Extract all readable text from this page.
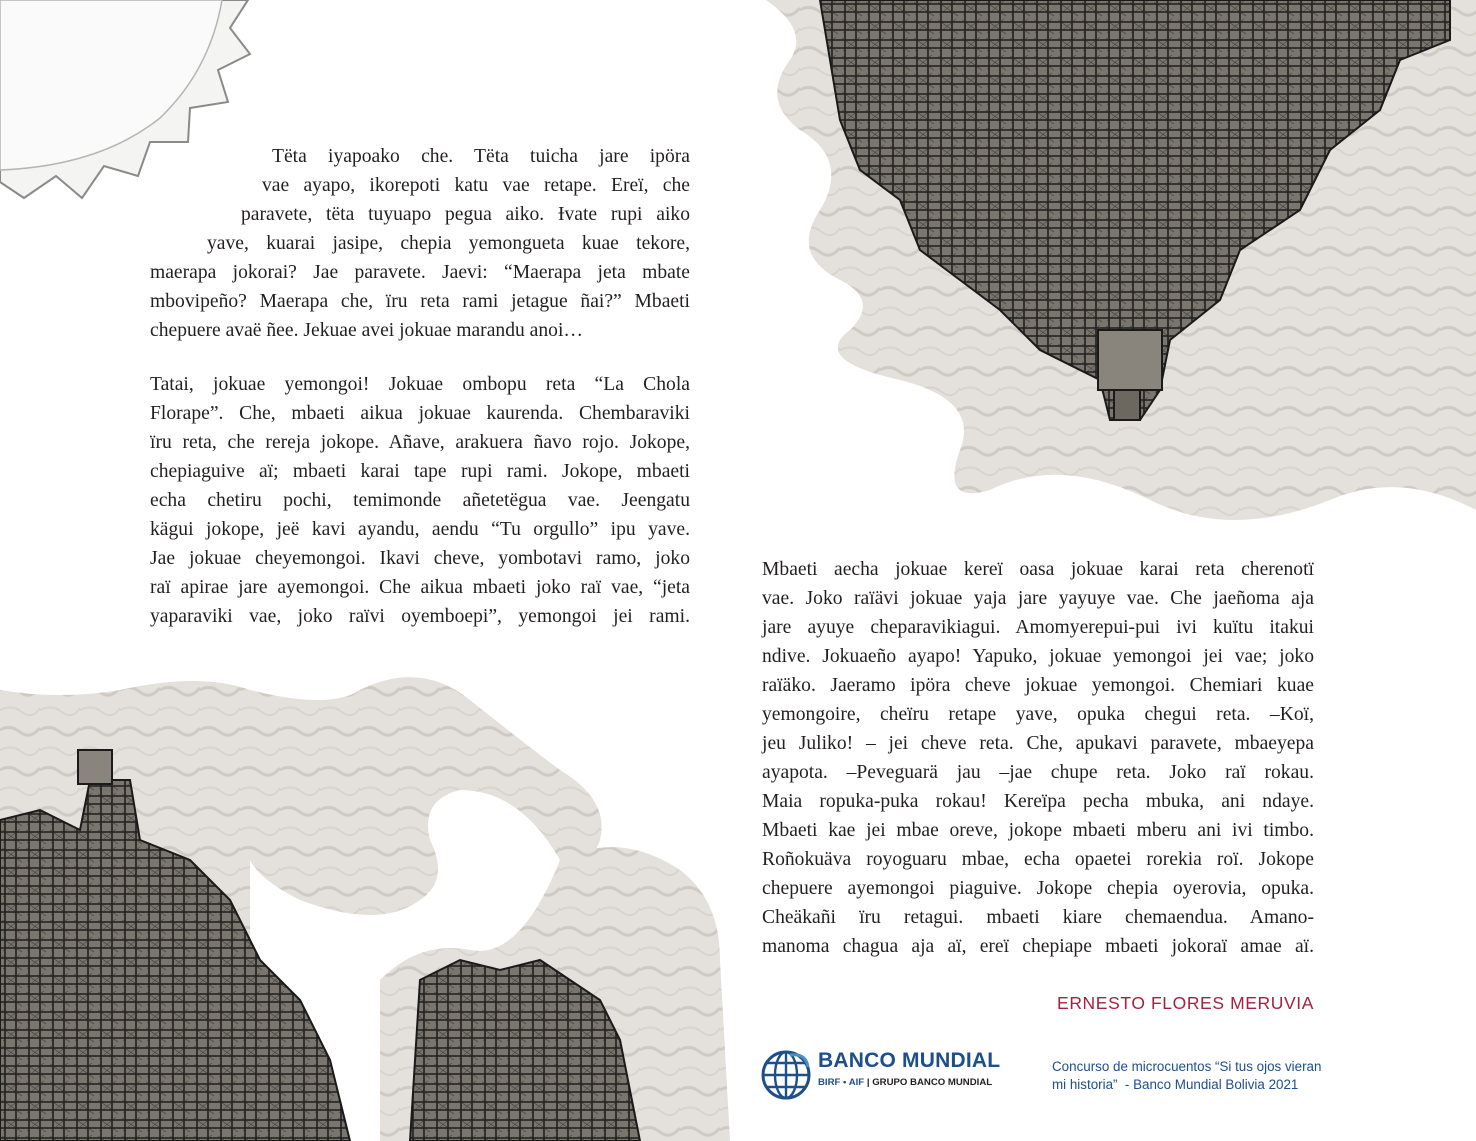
Tëta iyapoako che. Tëta tuicha jare ipöra
vae ayapo, ikorepoti katu vae retape. Ereï, che
paravete, tëta tuyuapo pegua aiko. Ɨvate rupi aiko
yave, kuarai jasipe, chepia yemongueta kuae tekore,
maerapa jokorai? Jae paravete. Jaevi: “Maerapa jeta mbate
mbovipeño? Maerapa che, ïru reta rami jetague ñai?” Mbaeti
chepuere avaë ñee. Jekuae avei jokuae marandu anoi…
Tatai, jokuae yemongoi! Jokuae ombopu reta “La Chola
Florape”. Che, mbaeti aikua jokuae kaurenda. Chembaraviki
ïru reta, che rereja jokope. Añave, arakuera ñavo rojo. Jokope,
chepiaguive aï; mbaeti karai tape rupi rami. Jokope, mbaeti
echa chetiru pochi, temimonde añetetëgua vae. Jeengatu
kägui jokope, jeë kavi ayandu, aendu “Tu orgullo” ipu yave.
Jae jokuae cheyemongoi. Ikavi cheve, yombotavi ramo, joko
raï apirae jare ayemongoi. Che aikua mbaeti joko raï vae, “jeta
yaparaviki vae, joko raïvi oyemboepi”, yemongoi jei rami.
Mbaeti aecha jokuae kereï oasa jokuae karai reta cherenotï
vae. Joko raïävi jokuae yaja jare yayuye vae. Che jaeñoma aja
jare ayuye cheparavikiagui. Amomyerepui-pui ivi kuïtu itakui
ndive. Jokuaeño ayapo! Yapuko, jokuae yemongoi jei vae; joko
raïäko. Jaeramo ipöra cheve jokuae yemongoi. Chemiari kuae
yemongoire, cheïru retape yave, opuka chegui reta. –Koï,
jeu Juliko! – jei cheve reta. Che, apukavi paravete, mbaeyepa
ayapota. –Peveguarä jau –jae chupe reta. Joko raï rokau.
Maia ropuka-puka rokau! Kereïpa pecha mbuka, ani ndaye.
Mbaeti kae jei mbae oreve, jokope mbaeti mberu ani ivi timbo.
Roñokuäva royoguaru mbae, echa opaetei rorekia roï. Jokope
chepuere ayemongoi piaguive. Jokope chepia oyerovia, opuka.
Cheäkañi ïru retagui. mbaeti kiare chemaendua. Amano-
manoma chagua aja aï, ereï chepiape mbaeti jokoraï amae aï.
ERNESTO FLORES MERUVIA
BANCO MUNDIAL
BIRF • AIF | GRUPO BANCO MUNDIAL
Concurso de microcuentos “Si tus ojos vieran
mi historia”  - Banco Mundial Bolivia 2021
